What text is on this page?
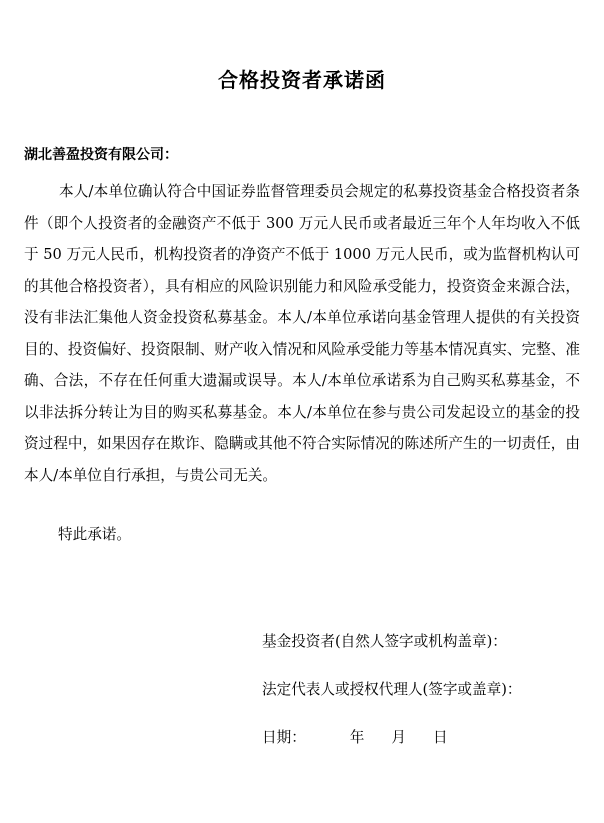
合格投资者承诺函

湖北善盈投资有限公司：

本人/本单位确认符合中国证券监督管理委员会规定的私募投资基金合格投资者条件（即个人投资者的金融资产不低于 300 万元人民币或者最近三年个人年均收入不低于 50 万元人民币，机构投资者的净资产不低于 1000 万元人民币，或为监督机构认可的其他合格投资者），具有相应的风险识别能力和风险承受能力，投资资金来源合法，没有非法汇集他人资金投资私募基金。本人/本单位承诺向基金管理人提供的有关投资目的、投资偏好、投资限制、财产收入情况和风险承受能力等基本情况真实、完整、准确、合法，不存在任何重大遗漏或误导。本人/本单位承诺系为自己购买私募基金，不以非法拆分转让为目的购买私募基金。本人/本单位在参与贵公司发起设立的基金的投资过程中，如果因存在欺诈、隐瞒或其他不符合实际情况的陈述所产生的一切责任，由本人/本单位自行承担，与贵公司无关。

特此承诺。

基金投资者(自然人签字或机构盖章)：

法定代表人或授权代理人(签字或盖章)：

日期：	年 月 日
